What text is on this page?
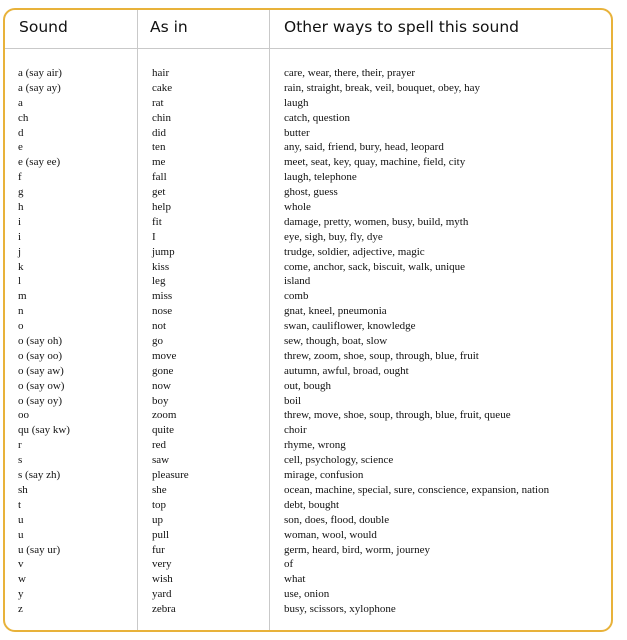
Sound	As in	Other ways to spell this sound
a (say air)	hair	care, wear, there, their, prayer
a (say ay)	cake	rain, straight, break, veil, bouquet, obey, hay
a	rat	laugh
ch	chin	catch, question
d	did	butter
e	ten	any, said, friend, bury, head, leopard
e (say ee)	me	meet, seat, key, quay, machine, field, city
f	fall	laugh, telephone
g	get	ghost, guess
h	help	whole
i	fit	damage, pretty, women, busy, build, myth
i	I	eye, sigh, buy, fly, dye
j	jump	trudge, soldier, adjective, magic
k	kiss	come, anchor, sack, biscuit, walk, unique
l	leg	island
m	miss	comb
n	nose	gnat, kneel, pneumonia
o	not	swan, cauliflower, knowledge
o (say oh)	go	sew, though, boat, slow
o (say oo)	move	threw, zoom, shoe, soup, through, blue, fruit
o (say aw)	gone	autumn, awful, broad, ought
o (say ow)	now	out, bough
o (say oy)	boy	boil
oo	zoom	threw, move, shoe, soup, through, blue, fruit, queue
qu (say kw)	quite	choir
r	red	rhyme, wrong
s	saw	cell, psychology, science
s (say zh)	pleasure	mirage, confusion
sh	she	ocean, machine, special, sure, conscience, expansion, nation
t	top	debt, bought
u	up	son, does, flood, double
u	pull	woman, wool, would
u (say ur)	fur	germ, heard, bird, worm, journey
v	very	of
w	wish	what
y	yard	use, onion
z	zebra	busy, scissors, xylophone
